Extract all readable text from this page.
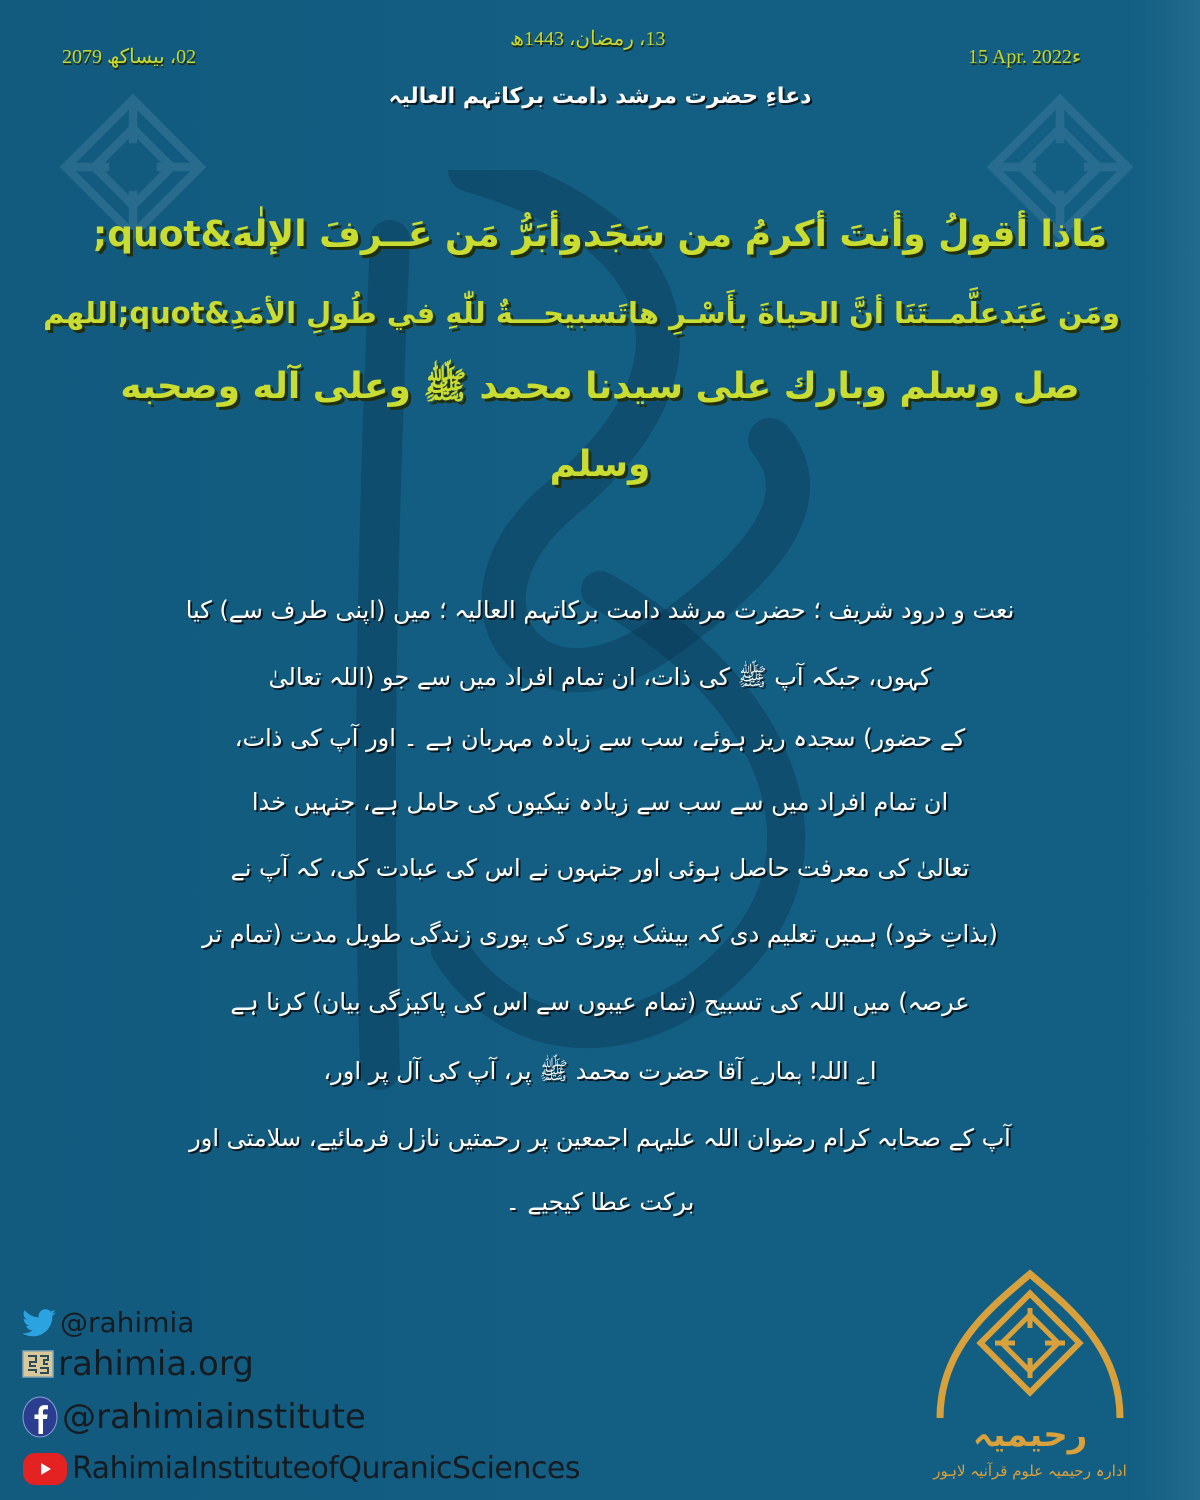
15 Apr. 2022ء
13، رمضان، 1443ھ
02، بیساکھ 2079
دعاءِ حضرت مرشد دامت برکاتہم العالیہ
مَاذا أقولُ وأنتَ أكرمُ من سَجَدوأبَرُّ مَن عَــرفَ الإلٰهَ&quot;
ومَن عَبَدعلَّمــتَنَا أنَّ الحياةَ بأَسْـرِ هاتَسبيحـــةٌ للّٰهِ في طُولِ الأمَدِ&quot;اللهم
صل وسلم وبارك على سيدنا محمد ﷺ وعلى آله وصحبه
وسلم
نعت و درود شریف ؛ حضرت مرشد دامت برکاتہم العالیہ ؛ میں (اپنی طرف سے) کیا
کہوں، جبکہ آپ ﷺ کی ذات، ان تمام افراد میں سے جو (اللہ تعالیٰ
کے حضور) سجدہ ریز ہوئے، سب سے زیادہ مہربان ہے ۔ اور آپ کی ذات،
ان تمام افراد میں سے سب سے زیادہ نیکیوں کی حامل ہے، جنہیں خدا
تعالیٰ کی معرفت حاصل ہوئی اور جنہوں نے اس کی عبادت کی، کہ آپ نے
(بذاتِ خود) ہمیں تعلیم دی کہ بیشک پوری کی پوری زندگی طویل مدت (تمام تر
عرصہ) میں اللہ کی تسبیح (تمام عیبوں سے اس کی پاکیزگی بیان) کرنا ہے
اے اللہ! ہمارے آقا حضرت محمد ﷺ پر، آپ کی آل پر اور،
آپ کے صحابہ کرام رضوان اللہ علیہم اجمعین پر رحمتیں نازل فرمائیے، سلامتی اور
برکت عطا کیجیے ۔
@rahimia
rahimia.org
@rahimiainstitute
RahimiaInstituteofQuranicSciences
رحیمیہ
ادارہ رحیمیہ علوم قرآنیہ لاہور
